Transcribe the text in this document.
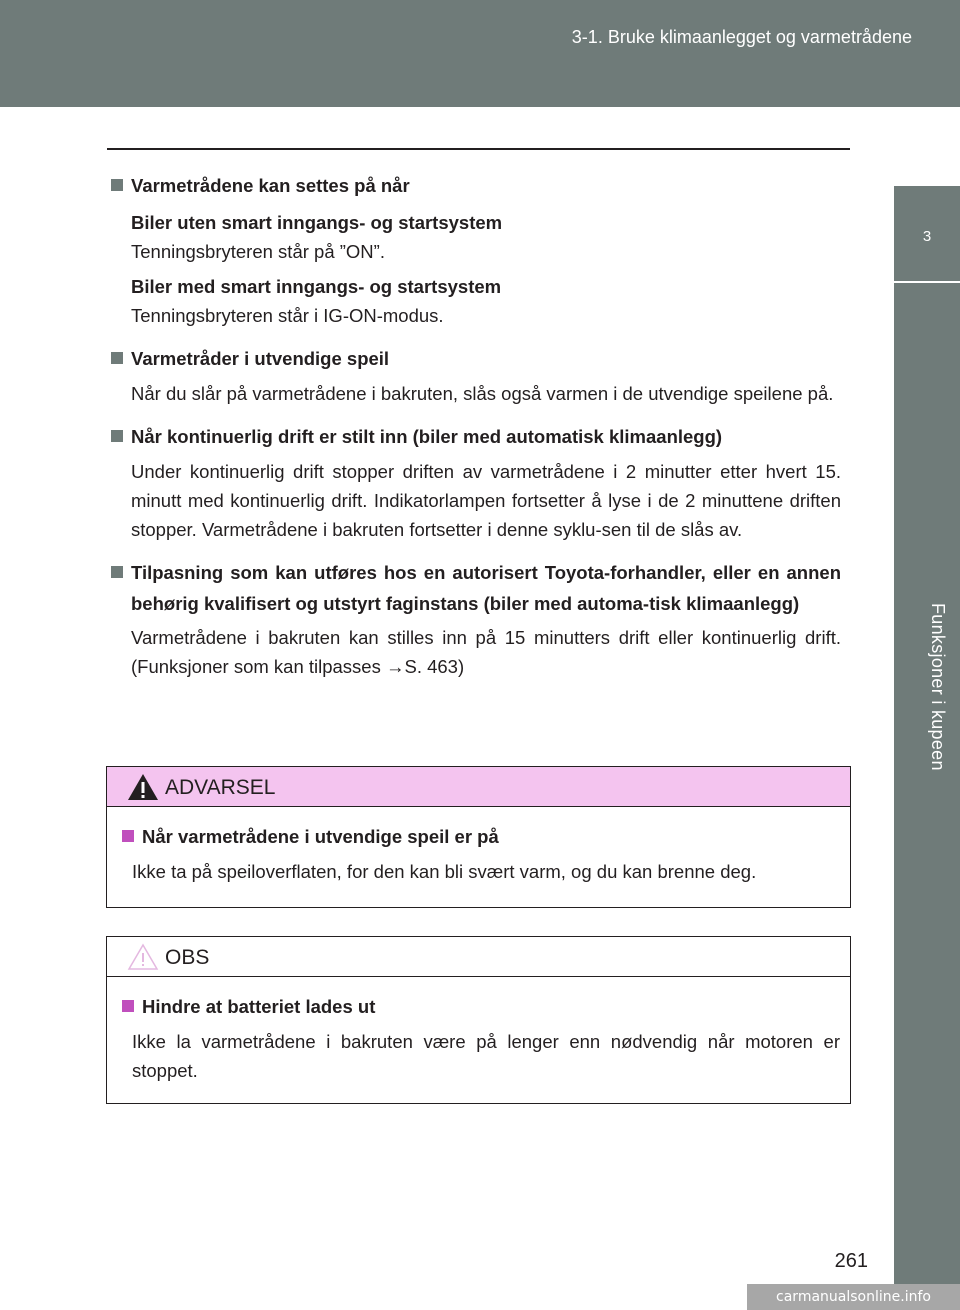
3-1. Bruke klimaanlegget og varmetrådene
3
Funksjoner i kupeen
Varmetrådene kan settes på når
Biler uten smart inngangs- og startsystem
Tenningsbryteren står på ”ON”.
Biler med smart inngangs- og startsystem
Tenningsbryteren står i IG-ON-modus.
Varmetråder i utvendige speil
Når du slår på varmetrådene i bakruten, slås også varmen i de utvendige speilene på.
Når kontinuerlig drift er stilt inn (biler med automatisk klimaanlegg)
Under kontinuerlig drift stopper driften av varmetrådene i 2 minutter etter hvert 15. minutt med kontinuerlig drift. Indikatorlampen fortsetter å lyse i de 2 minuttene driften stopper. Varmetrådene i bakruten fortsetter i denne syklu-sen til de slås av.
Tilpasning som kan utføres hos en autorisert Toyota-forhandler, eller en annen behørig kvalifisert og utstyrt faginstans (biler med automa-tisk klimaanlegg)
Varmetrådene i bakruten kan stilles inn på 15 minutters drift eller kontinuerlig drift. (Funksjoner som kan tilpasses →S. 463)
ADVARSEL
Når varmetrådene i utvendige speil er på
Ikke ta på speiloverflaten, for den kan bli svært varm, og du kan brenne deg.
OBS
Hindre at batteriet lades ut
Ikke la varmetrådene i bakruten være på lenger enn nødvendig når motoren er stoppet.
261
carmanualsonline.info
